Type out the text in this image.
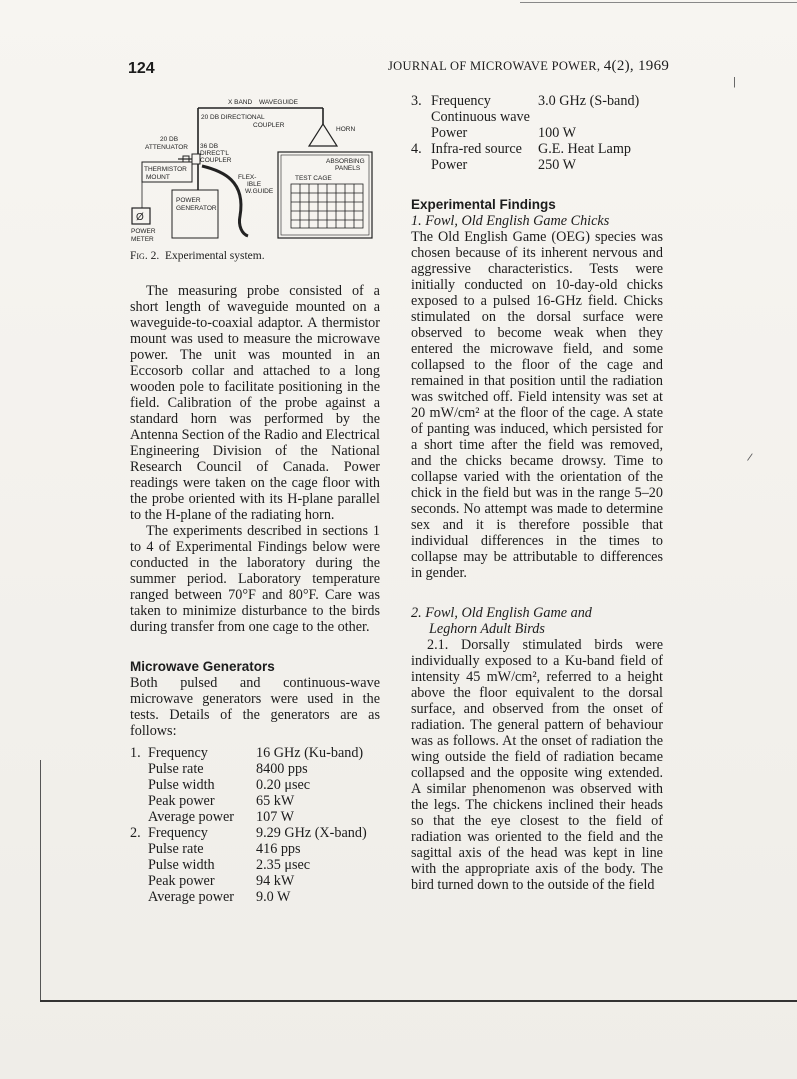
124	JOURNAL OF MICROWAVE POWER, 4(2), 1969
X BAND WAVEGUIDE
20 DB DIRECTIONAL
COUPLER
HORN
20 DB
ATTENUATOR 36 DB
DIRECT'L
COUPLER
THERMISTOR
MOUNT
POWER
GENERATOR
FLEX-
IBLE
W.GUIDE
ABSORBING
PANELS
TEST CAGE
Ø
POWER
METER
Fig. 2. Experimental system.

The measuring probe consisted of a short length of waveguide mounted on a waveguide-to-coaxial adaptor. A thermistor mount was used to measure the microwave power. The unit was mounted in an Eccosorb collar and attached to a long wooden pole to facilitate positioning in the field. Calibration of the probe against a standard horn was performed by the Antenna Section of the Radio and Electrical Engineering Division of the National Research Council of Canada. Power readings were taken on the cage floor with the probe oriented with its H-plane parallel to the H-plane of the radiating horn.

The experiments described in sections 1 to 4 of Experimental Findings below were conducted in the laboratory during the summer period. Laboratory temperature ranged between 70°F and 80°F. Care was taken to minimize disturbance to the birds during transfer from one cage to the other.

Microwave Generators

Both pulsed and continuous-wave microwave generators were used in the tests. Details of the generators are as follows:

1. Frequency	16 GHz (Ku-band)
Pulse rate	8400 pps
Pulse width	0.20 μsec
Peak power	65 kW
Average power	107 W
2. Frequency	9.29 GHz (X-band)
Pulse rate	416 pps
Pulse width	2.35 μsec
Peak power	94 kW
Average power	9.0 W
3. Frequency	3.0 GHz (S-band)
Continuous wave
Power	100 W
4. Infra-red source	G.E. Heat Lamp
Power	250 W

Experimental Findings

1. Fowl, Old English Game Chicks

The Old English Game (OEG) species was chosen because of its inherent nervous and aggressive characteristics. Tests were initially conducted on 10-day-old chicks exposed to a pulsed 16-GHz field. Chicks stimulated on the dorsal surface were observed to become weak when they entered the microwave field, and some collapsed to the floor of the cage and remained in that position until the radiation was switched off. Field intensity was set at 20 mW/cm² at the floor of the cage. A state of panting was induced, which persisted for a short time after the field was removed, and the chicks became drowsy. Time to collapse varied with the orientation of the chick in the field but was in the range 5–20 seconds. No attempt was made to determine sex and it is therefore possible that individual differences in the times to collapse may be attributable to differences in gender.

2. Fowl, Old English Game and

Leghorn Adult Birds

2.1. Dorsally stimulated birds were individually exposed to a Ku-band field of intensity 45 mW/cm², referred to a height above the floor equivalent to the dorsal surface, and observed from the onset of radiation. The general pattern of behaviour was as follows. At the onset of radiation the wing outside the field of radiation became collapsed and the opposite wing extended. A similar phenomenon was observed with the legs. The chickens inclined their heads so that the eye closest to the field of radiation was oriented to the field and the sagittal axis of the head was kept in line with the appropriate axis of the body. The bird turned down to the outside of the field

|
/
